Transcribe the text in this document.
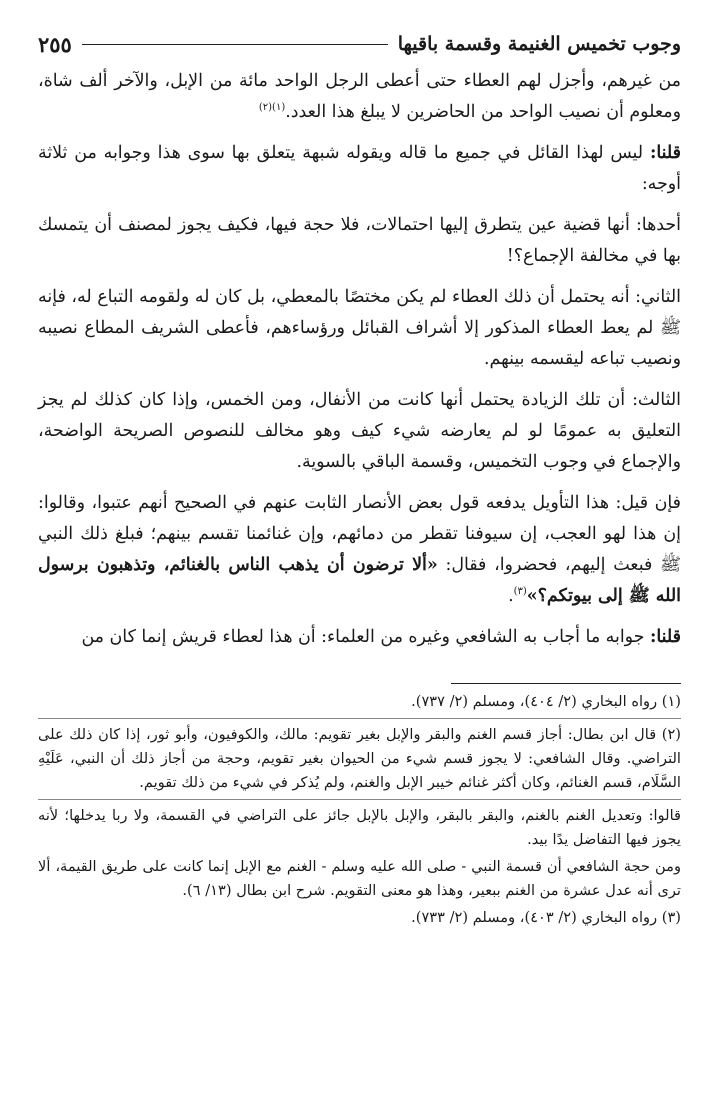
وجوب تخميس الغنيمة وقسمة باقيها
٢٥٥

من غيرهم، وأجزل لهم العطاء حتى أعطى الرجل الواحد مائة من الإبل، والآخر ألف شاة، ومعلوم أن نصيب الواحد من الحاضرين لا يبلغ هذا العدد.$^{(١)(٢)}$

قلنا: ليس لهذا القائل في جميع ما قاله ويقوله شبهة يتعلق بها سوى هذا وجوابه من ثلاثة أوجه:

أحدها: أنها قضية عين يتطرق إليها احتمالات، فلا حجة فيها، فكيف يجوز لمصنف أن يتمسك بها في مخالفة الإجماع؟!

الثاني: أنه يحتمل أن ذلك العطاء لم يكن مختصًا بالمعطي، بل كان له ولقومه التباع له، فإنه ﷺ لم يعط العطاء المذكور إلا أشراف القبائل ورؤساءهم، فأعطى الشريف المطاع نصيبه ونصيب تباعه ليقسمه بينهم.

الثالث: أن تلك الزيادة يحتمل أنها كانت من الأنفال، ومن الخمس، وإذا كان كذلك لم يجز التعليق به عمومًا لو لم يعارضه شيء كيف وهو مخالف للنصوص الصريحة الواضحة، والإجماع في وجوب التخميس، وقسمة الباقي بالسوية.

فإن قيل: هذا التأويل يدفعه قول بعض الأنصار الثابت عنهم في الصحيح أنهم عتبوا، وقالوا: إن هذا لهو العجب، إن سيوفنا تقطر من دمائهم، وإن غنائمنا تقسم بينهم؛ فبلغ ذلك النبي ﷺ فبعث إليهم، فحضروا، فقال: «ألا ترضون أن يذهب الناس بالغنائم، وتذهبون برسول الله ﷺ إلى بيوتكم؟»$^{(٣)}$.

قلنا: جوابه ما أجاب به الشافعي وغيره من العلماء: أن هذا لعطاء قريش إنما كان من

(١) رواه البخاري (٢/ ٤٠٤)، ومسلم (٢/ ٧٣٧).

(٢) قال ابن بطال: أجاز قسم الغنم والبقر والإبل بغير تقويم: مالك، والكوفيون، وأبو ثور، إذا كان ذلك على التراضي. وقال الشافعي: لا يجوز قسم شيء من الحيوان بغير تقويم، وحجة من أجاز ذلك أن النبي، عَلَيْهِ السَّلَام، قسم الغنائم، وكان أكثر غنائم خيبر الإبل والغنم، ولم يُذكر في شيء من ذلك تقويم.

قالوا: وتعديل الغنم بالغنم، والبقر بالبقر، والإبل بالإبل جائز على التراضي في القسمة، ولا ربا يدخلها؛ لأنه يجوز فيها التفاضل يدًا بيد.

ومن حجة الشافعي أن قسمة النبي - صلى الله عليه وسلم - الغنم مع الإبل إنما كانت على طريق القيمة، ألا ترى أنه عدل عشرة من الغنم ببعير، وهذا هو معنى التقويم. شرح ابن بطال (١٣/ ٦).

(٣) رواه البخاري (٢/ ٤٠٣)، ومسلم (٢/ ٧٣٣).
